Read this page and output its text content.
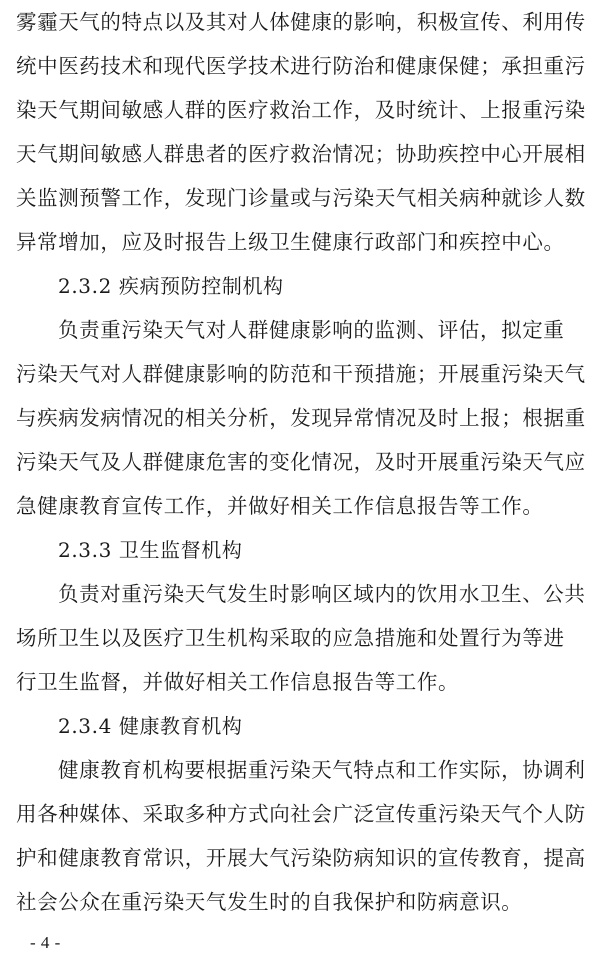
雾霾天气的特点以及其对人体健康的影响，积极宣传、利用传
统中医药技术和现代医学技术进行防治和健康保健；承担重污
染天气期间敏感人群的医疗救治工作，及时统计、上报重污染
天气期间敏感人群患者的医疗救治情况；协助疾控中心开展相
关监测预警工作，发现门诊量或与污染天气相关病种就诊人数
异常增加，应及时报告上级卫生健康行政部门和疾控中心。
2.3.2 疾病预防控制机构
负责重污染天气对人群健康影响的监测、评估，拟定重
污染天气对人群健康影响的防范和干预措施；开展重污染天气
与疾病发病情况的相关分析，发现异常情况及时上报；根据重
污染天气及人群健康危害的变化情况，及时开展重污染天气应
急健康教育宣传工作，并做好相关工作信息报告等工作。
2.3.3 卫生监督机构
负责对重污染天气发生时影响区域内的饮用水卫生、公共
场所卫生以及医疗卫生机构采取的应急措施和处置行为等进
行卫生监督，并做好相关工作信息报告等工作。
2.3.4 健康教育机构
健康教育机构要根据重污染天气特点和工作实际，协调利
用各种媒体、采取多种方式向社会广泛宣传重污染天气个人防
护和健康教育常识，开展大气污染防病知识的宣传教育，提高
社会公众在重污染天气发生时的自我保护和防病意识。
- 4 -
